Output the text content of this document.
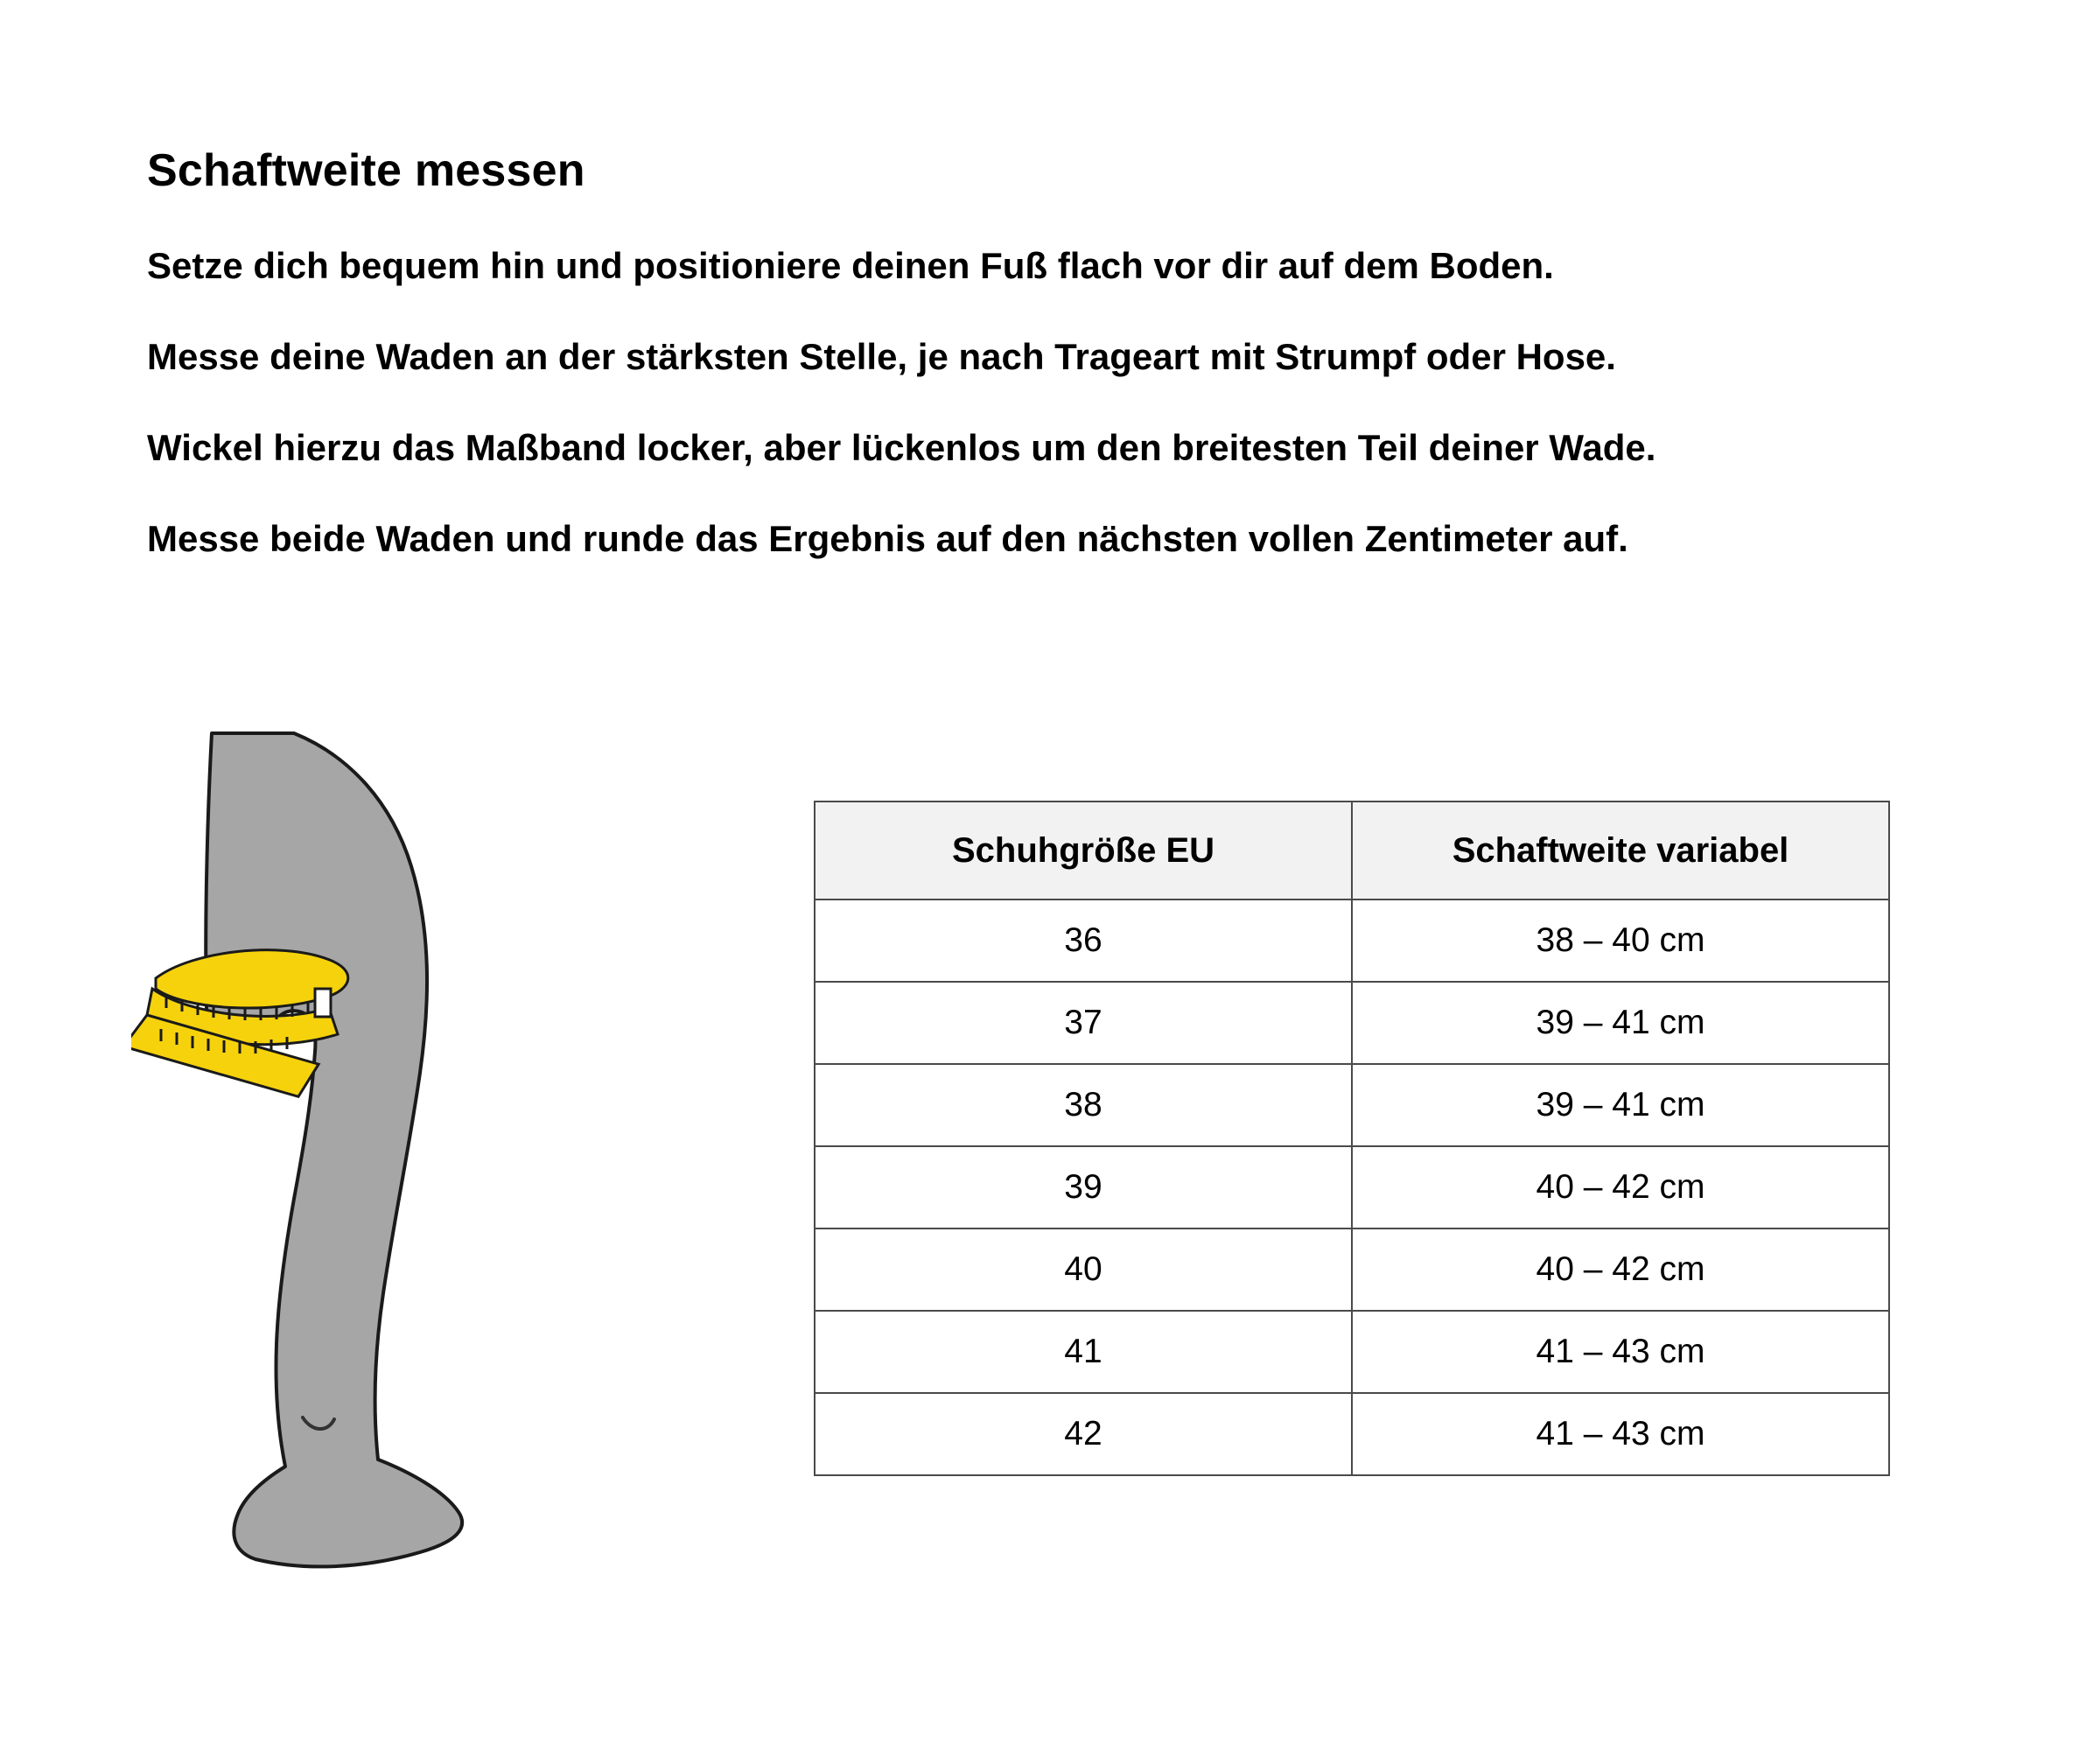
Schaftweite messen
Setze dich bequem hin und positioniere deinen Fuß flach vor dir auf dem Boden.
Messe deine Waden an der stärksten Stelle, je nach Trageart mit Strumpf oder Hose.
Wickel hierzu das Maßband locker, aber lückenlos um den breitesten Teil deiner Wade.
Messe beide Waden und runde das Ergebnis auf den nächsten vollen Zentimeter auf.
Schuhgröße EU	Schaftweite variabel
36	38 – 40 cm
37	39 – 41 cm
38	39 – 41 cm
39	40 – 42 cm
40	40 – 42 cm
41	41 – 43 cm
42	41 – 43 cm
